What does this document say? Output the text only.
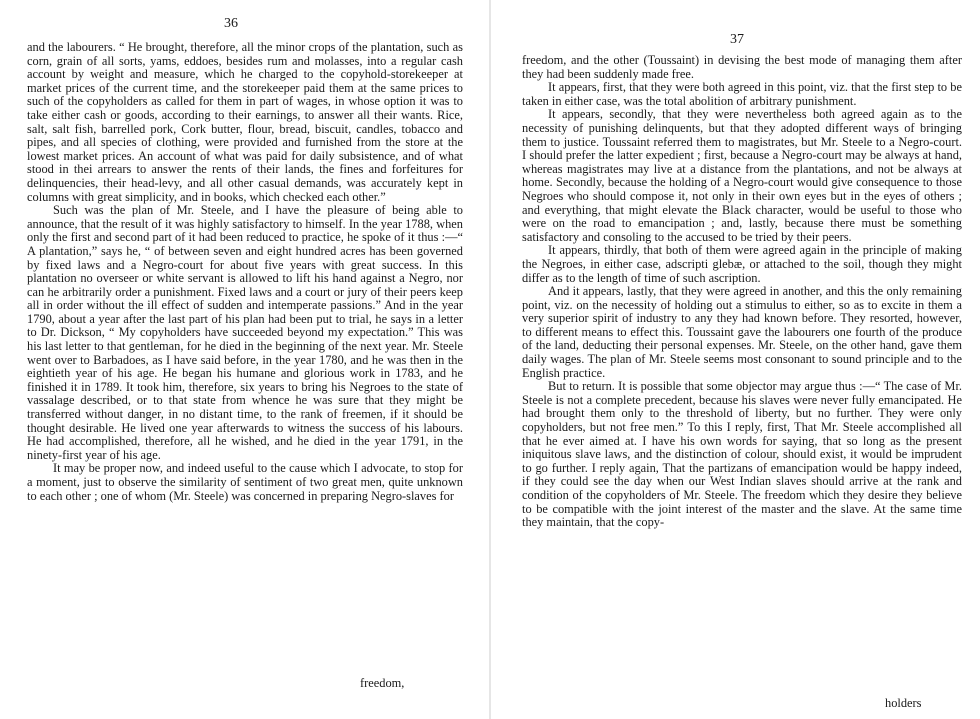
36

and the labourers. “ He brought, therefore, all the minor crops of the plantation, such as corn, grain of all sorts, yams, eddoes, besides rum and molasses, into a regular cash account by weight and measure, which he charged to the copyhold-storekeeper at market prices of the current time, and the storekeeper paid them at the same prices to such of the copyholders as called for them in part of wages, in whose option it was to take either cash or goods, according to their earnings, to answer all their wants. Rice, salt, salt fish, barrelled pork, Cork butter, flour, bread, biscuit, candles, tobacco and pipes, and all species of clothing, were provided and furnished from the store at the lowest market prices. An account of what was paid for daily subsistence, and of what stood in thei arrears to answer the rents of their lands, the fines and forfeitures for delinquencies, their head-levy, and all other casual demands, was accurately kept in columns with great simplicity, and in books, which checked each other.”

Such was the plan of Mr. Steele, and I have the pleasure of being able to announce, that the result of it was highly satisfactory to himself. In the year 1788, when only the first and second part of it had been reduced to practice, he spoke of it thus :—“ A plantation,” says he, “ of between seven and eight hundred acres has been governed by fixed laws and a Negro-court for about five years with great success. In this plantation no overseer or white servant is allowed to lift his hand against a Negro, nor can he arbitrarily order a punishment. Fixed laws and a court or jury of their peers keep all in order without the ill effect of sudden and intemperate passions.” And in the year 1790, about a year after the last part of his plan had been put to trial, he says in a letter to Dr. Dickson, “ My copyholders have succeeded beyond my expectation.” This was his last letter to that gentleman, for he died in the beginning of the next year. Mr. Steele went over to Barbadoes, as I have said before, in the year 1780, and he was then in the eightieth year of his age. He began his humane and glorious work in 1783, and he finished it in 1789. It took him, therefore, six years to bring his Negroes to the state of vassalage described, or to that state from whence he was sure that they might be transferred without danger, in no distant time, to the rank of freemen, if it should be thought desirable. He lived one year afterwards to witness the success of his labours. He had accomplished, therefore, all he wished, and he died in the year 1791, in the ninety-first year of his age.

It may be proper now, and indeed useful to the cause which I advocate, to stop for a moment, just to observe the similarity of sentiment of two great men, quite unknown to each other ; one of whom (Mr. Steele) was concerned in preparing Negro-slaves for

freedom,
37

freedom, and the other (Toussaint) in devising the best mode of managing them after they had been suddenly made free.

It appears, first, that they were both agreed in this point, viz. that the first step to be taken in either case, was the total abolition of arbitrary punishment.

It appears, secondly, that they were nevertheless both agreed again as to the necessity of punishing delinquents, but that they adopted different ways of bringing them to justice. Toussaint referred them to magistrates, but Mr. Steele to a Negro-court. I should prefer the latter expedient ; first, because a Negro-court may be always at hand, whereas magistrates may live at a distance from the plantations, and not be always at home. Secondly, because the holding of a Negro-court would give consequence to those Negroes who should compose it, not only in their own eyes but in the eyes of others ; and everything, that might elevate the Black character, would be useful to those who were on the road to emancipation ; and, lastly, because there must be something satisfactory and consoling to the accused to be tried by their peers.

It appears, thirdly, that both of them were agreed again in the principle of making the Negroes, in either case, adscripti glebæ, or attached to the soil, though they might differ as to the length of time of such ascription.

And it appears, lastly, that they were agreed in another, and this the only remaining point, viz. on the necessity of holding out a stimulus to either, so as to excite in them a very superior spirit of industry to any they had known before. They resorted, however, to different means to effect this. Toussaint gave the labourers one fourth of the produce of the land, deducting their personal expenses. Mr. Steele, on the other hand, gave them daily wages. The plan of Mr. Steele seems most consonant to sound principle and to the English practice.

But to return. It is possible that some objector may argue thus :—“ The case of Mr. Steele is not a complete precedent, because his slaves were never fully emancipated. He had brought them only to the threshold of liberty, but no further. They were only copyholders, but not free men.” To this I reply, first, That Mr. Steele accomplished all that he ever aimed at. I have his own words for saying, that so long as the present iniquitous slave laws, and the distinction of colour, should exist, it would be imprudent to go further. I reply again, That the partizans of emancipation would be happy indeed, if they could see the day when our West Indian slaves should arrive at the rank and condition of the copyholders of Mr. Steele. The freedom which they desire they believe to be compatible with the joint interest of the master and the slave. At the same time they maintain, that the copy-

holders
